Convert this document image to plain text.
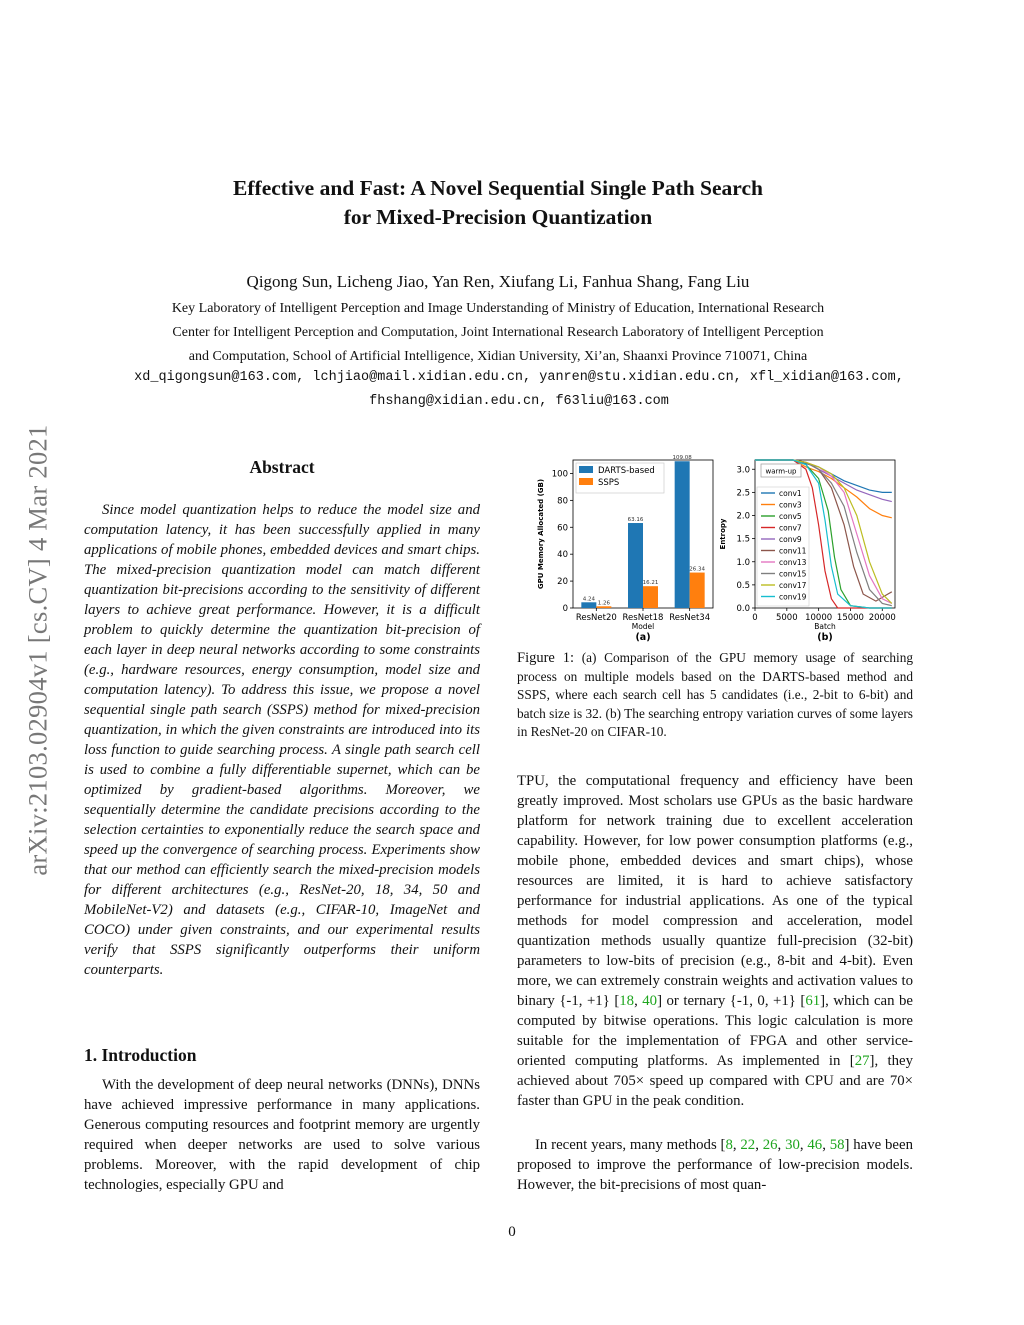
arXiv:2103.02904v1 [cs.CV] 4 Mar 2021
Effective and Fast: A Novel Sequential Single Path Search
for Mixed-Precision Quantization
Qigong Sun, Licheng Jiao, Yan Ren, Xiufang Li, Fanhua Shang, Fang Liu
Key Laboratory of Intelligent Perception and Image Understanding of Ministry of Education, International Research
Center for Intelligent Perception and Computation, Joint International Research Laboratory of Intelligent Perception
and Computation, School of Artificial Intelligence, Xidian University, Xi’an, Shaanxi Province 710071, China
xd_qigongsun@163.com, lchjiao@mail.xidian.edu.cn, yanren@stu.xidian.edu.cn, xfl_xidian@163.com,
fhshang@xidian.edu.cn, f63liu@163.com
Abstract
Since model quantization helps to reduce the model size and computation latency, it has been successfully applied in many applications of mobile phones, embedded devices and smart chips. The mixed-precision quantization model can match different quantization bit-precisions according to the sensitivity of different layers to achieve great performance. However, it is a difficult problem to quickly determine the quantization bit-precision of each layer in deep neural networks according to some constraints (e.g., hardware resources, energy consumption, model size and computation latency). To address this issue, we propose a novel sequential single path search (SSPS) method for mixed-precision quantization, in which the given constraints are introduced into its loss function to guide searching process. A single path search cell is used to combine a fully differentiable supernet, which can be optimized by gradient-based algorithms. Moreover, we sequentially determine the candidate precisions according to the selection certainties to exponentially reduce the search space and speed up the convergence of searching process. Experiments show that our method can efficiently search the mixed-precision models for different architectures (e.g., ResNet-20, 18, 34, 50 and MobileNet-V2) and datasets (e.g., CIFAR-10, ImageNet and COCO) under given constraints, and our experimental results verify that SSPS significantly outperforms their uniform counterparts.
1. Introduction
With the development of deep neural networks (DNNs), DNNs have achieved impressive performance in many applications. Generous computing resources and footprint memory are urgently required when deeper networks are used to solve various problems. Moreover, with the rapid development of chip technologies, especially GPU and
0
20
40
60
80
100
ResNet20
4.24
1.26
ResNet18
63.16
16.21
ResNet34
109.08
26.34
Model
GPU Memory Allocated (GB)
DARTS-based
SSPS
(a)
0.0
0.5
1.0
1.5
2.0
2.5
3.0
0 5000 10000 15000 20000
Batch
Entropy
warm-up
conv1
conv3
conv5
conv7
conv9
conv11
conv13
conv15
conv17
conv19
(b)
Figure 1: (a) Comparison of the GPU memory usage of searching process on multiple models based on the DARTS-based method and SSPS, where each search cell has 5 candidates (i.e., 2-bit to 6-bit) and batch size is 32. (b) The searching entropy variation curves of some layers in ResNet-20 on CIFAR-10.
TPU, the computational frequency and efficiency have been greatly improved. Most scholars use GPUs as the basic hardware platform for network training due to excellent acceleration capability. However, for low power consumption platforms (e.g., mobile phone, embedded devices and smart chips), whose resources are limited, it is hard to achieve satisfactory performance for industrial applications. As one of the typical methods for model compression and acceleration, model quantization methods usually quantize full-precision (32-bit) parameters to low-bits of precision (e.g., 8-bit and 4-bit). Even more, we can extremely constrain weights and activation values to binary {-1, +1} [18, 40] or ternary {-1, 0, +1} [61], which can be computed by bitwise operations. This logic calculation is more suitable for the implementation of FPGA and other service-oriented computing platforms. As implemented in [27], they achieved about 705× speed up compared with CPU and are 70× faster than GPU in the peak condition.
In recent years, many methods [8, 22, 26, 30, 46, 58] have been proposed to improve the performance of low-precision models. However, the bit-precisions of most quan-
0
